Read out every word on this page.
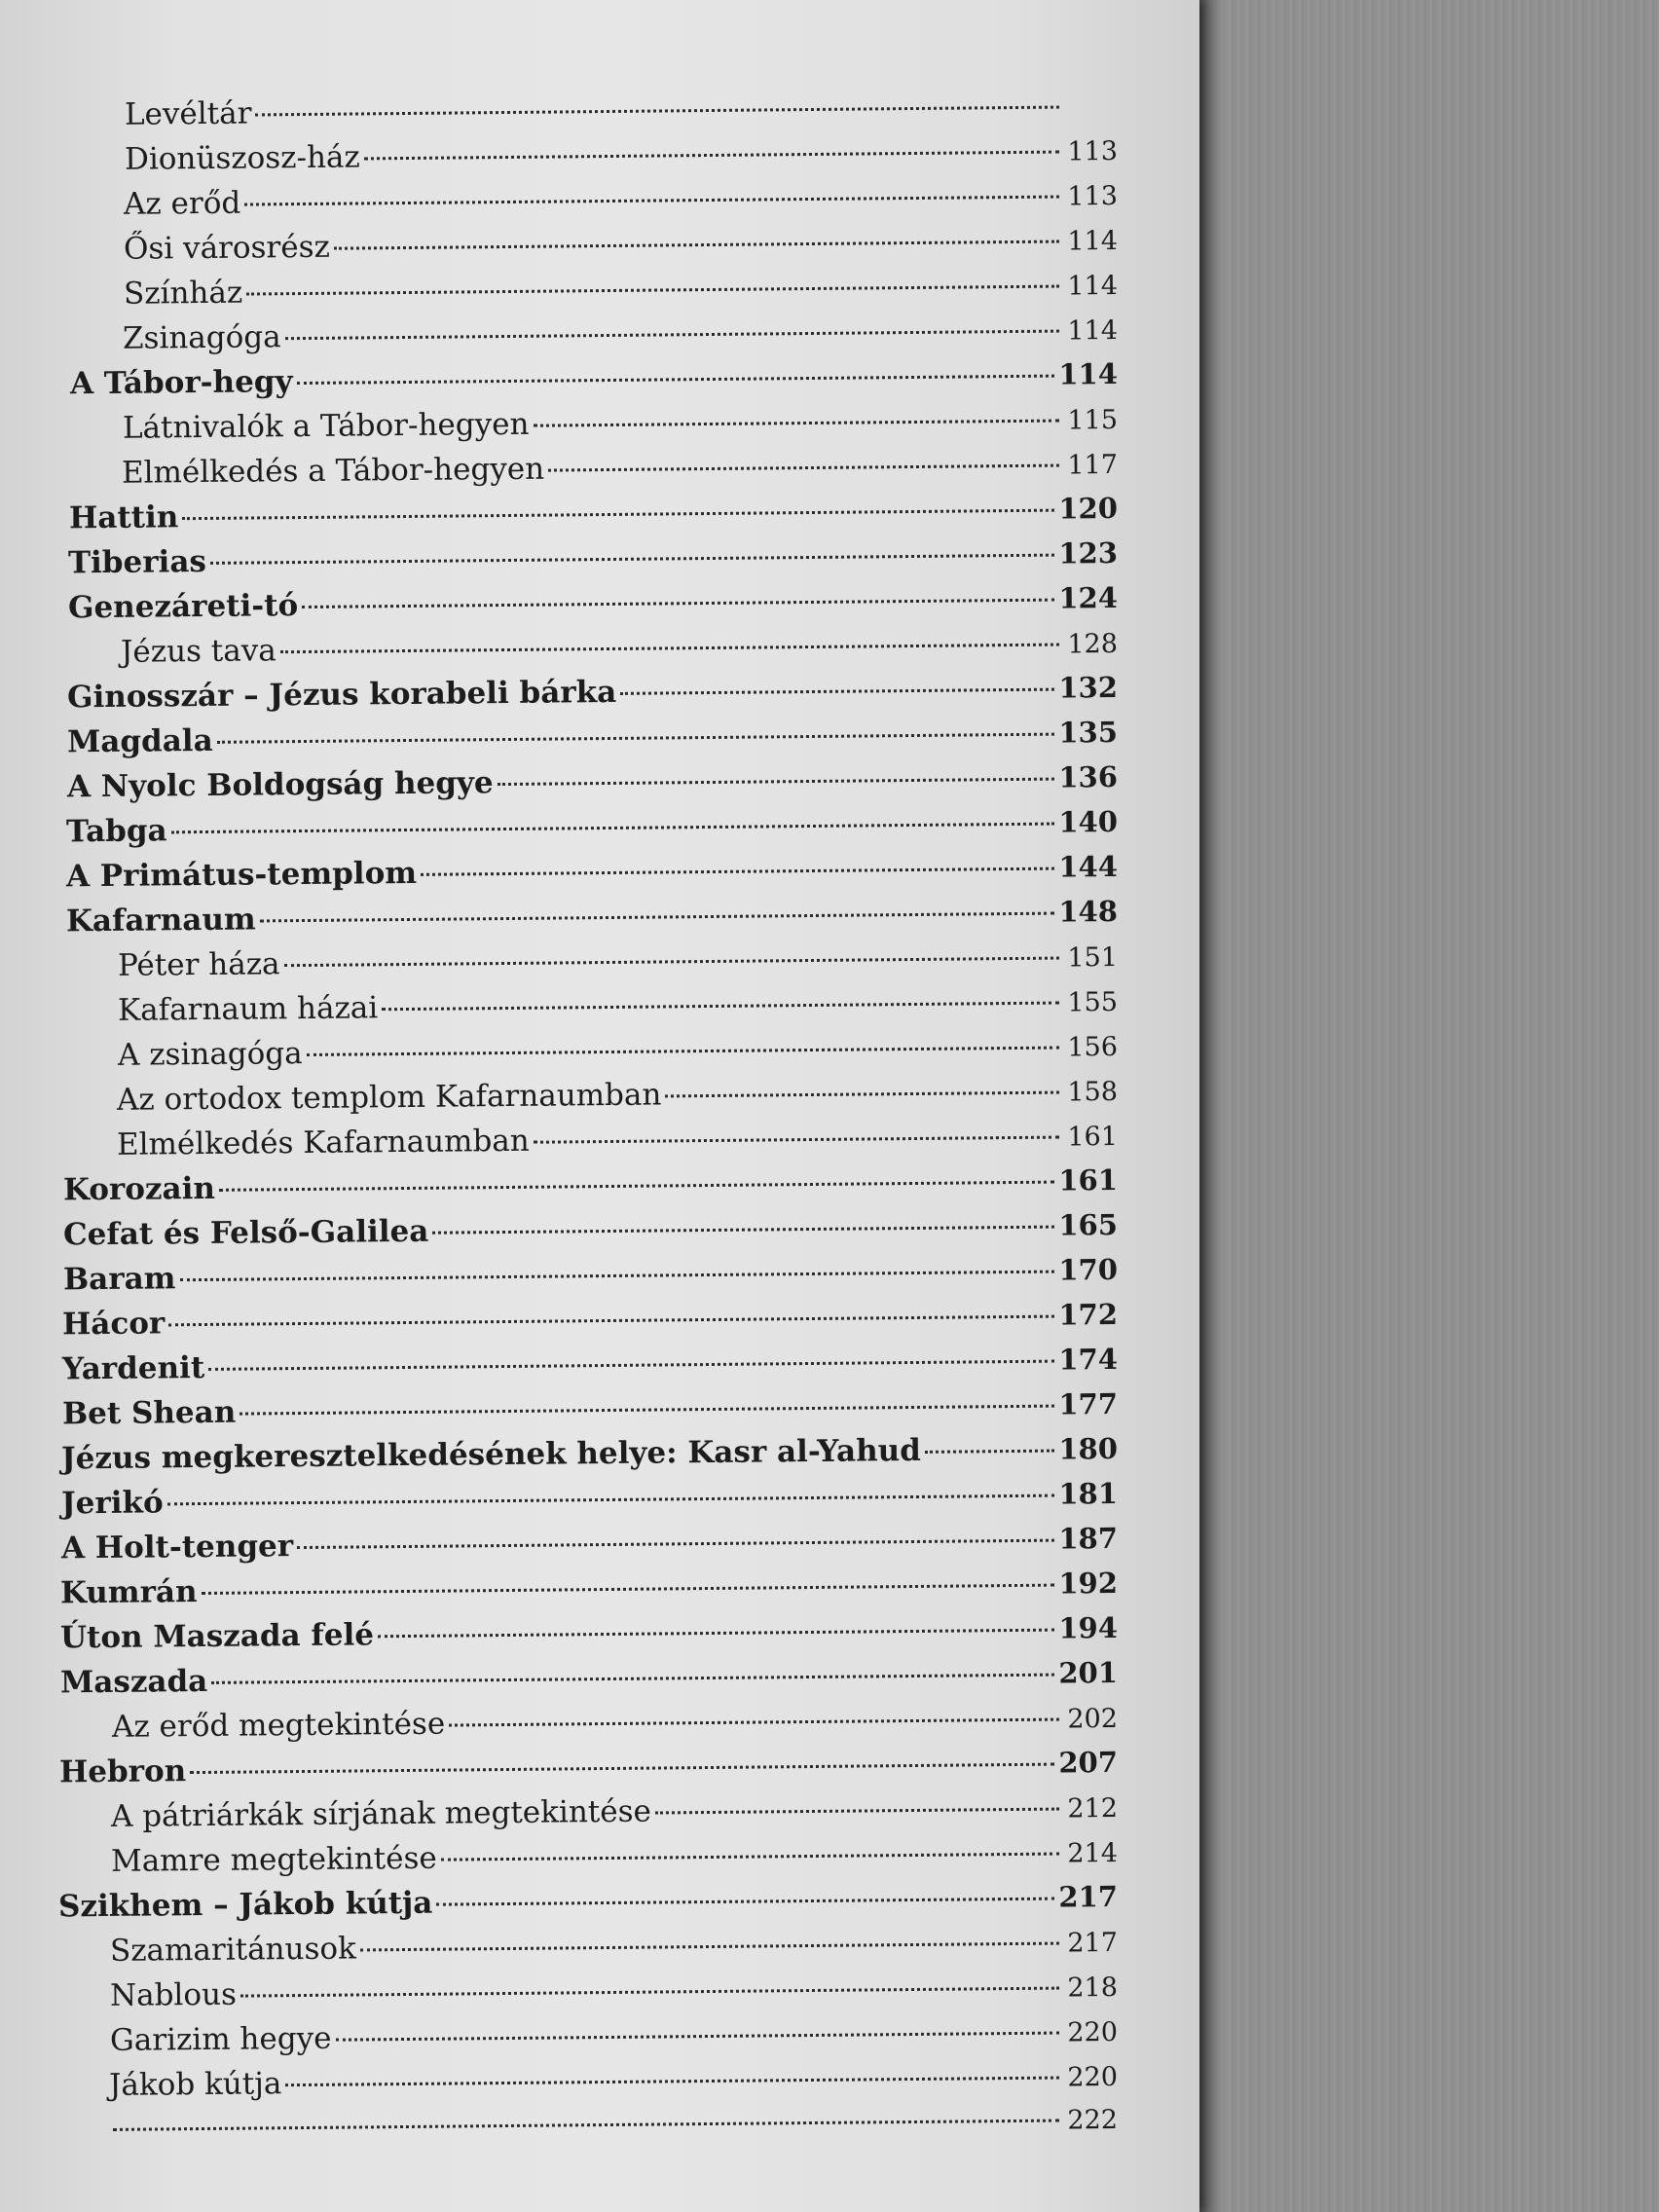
Levéltár
Dionüszosz-ház	113
Az erőd	113
Ősi városrész	114
Színház	114
Zsinagóga	114
A Tábor-hegy	114
Látnivalók a Tábor-hegyen	115
Elmélkedés a Tábor-hegyen	117
Hattin	120
Tiberias	123
Genezáreti-tó	124
Jézus tava	128
Ginosszár – Jézus korabeli bárka	132
Magdala	135
A Nyolc Boldogság hegye	136
Tabga	140
A Primátus-templom	144
Kafarnaum	148
Péter háza	151
Kafarnaum házai	155
A zsinagóga	156
Az ortodox templom Kafarnaumban	158
Elmélkedés Kafarnaumban	161
Korozain	161
Cefat és Felső-Galilea	165
Baram	170
Hácor	172
Yardenit	174
Bet Shean	177
Jézus megkeresztelkedésének helye: Kasr al-Yahud	180
Jerikó	181
A Holt-tenger	187
Kumrán	192
Úton Maszada felé	194
Maszada	201
Az erőd megtekintése	202
Hebron	207
A pátriárkák sírjának megtekintése	212
Mamre megtekintése	214
Szikhem – Jákob kútja	217
Szamaritánusok	217
Nablous	218
Garizim hegye	220
Jákob kútja	220
222
